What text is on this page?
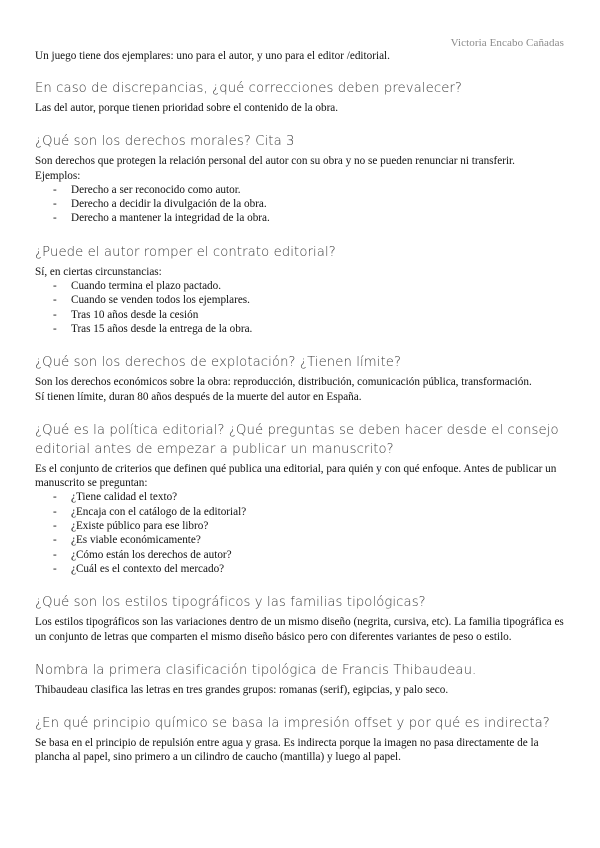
Victoria Encabo Cañadas

Un juego tiene dos ejemplares: uno para el autor, y uno para el editor /editorial.

En caso de discrepancias, ¿qué correcciones deben prevalecer?

Las del autor, porque tienen prioridad sobre el contenido de la obra.

¿Qué son los derechos morales? Cita 3

Son derechos que protegen la relación personal del autor con su obra y no se pueden renunciar ni transferir.

Ejemplos:

- Derecho a ser reconocido como autor.
- Derecho a decidir la divulgación de la obra.
- Derecho a mantener la integridad de la obra.
¿Puede el autor romper el contrato editorial?

Sí, en ciertas circunstancias:

- Cuando termina el plazo pactado.
- Cuando se venden todos los ejemplares.
- Tras 10 años desde la cesión
- Tras 15 años desde la entrega de la obra.
¿Qué son los derechos de explotación? ¿Tienen límite?

Son los derechos económicos sobre la obra: reproducción, distribución, comunicación pública, transformación.

Sí tienen límite, duran 80 años después de la muerte del autor en España.

¿Qué es la política editorial? ¿Qué preguntas se deben hacer desde el consejo editorial antes de empezar a publicar un manuscrito?

Es el conjunto de criterios que definen qué publica una editorial, para quién y con qué enfoque. Antes de publicar un manuscrito se preguntan:

- ¿Tiene calidad el texto?
- ¿Encaja con el catálogo de la editorial?
- ¿Existe público para ese libro?
- ¿Es viable económicamente?
- ¿Cómo están los derechos de autor?
- ¿Cuál es el contexto del mercado?
¿Qué son los estilos tipográficos y las familias tipológicas?

Los estilos tipográficos son las variaciones dentro de un mismo diseño (negrita, cursiva, etc). La familia tipográfica es un conjunto de letras que comparten el mismo diseño básico pero con diferentes variantes de peso o estilo.

Nombra la primera clasificación tipológica de Francis Thibaudeau.

Thibaudeau clasifica las letras en tres grandes grupos: romanas (serif), egipcias, y palo seco.

¿En qué principio químico se basa la impresión offset y por qué es indirecta?

Se basa en el principio de repulsión entre agua y grasa. Es indirecta porque la imagen no pasa directamente de la plancha al papel, sino primero a un cilindro de caucho (mantilla) y luego al papel.
